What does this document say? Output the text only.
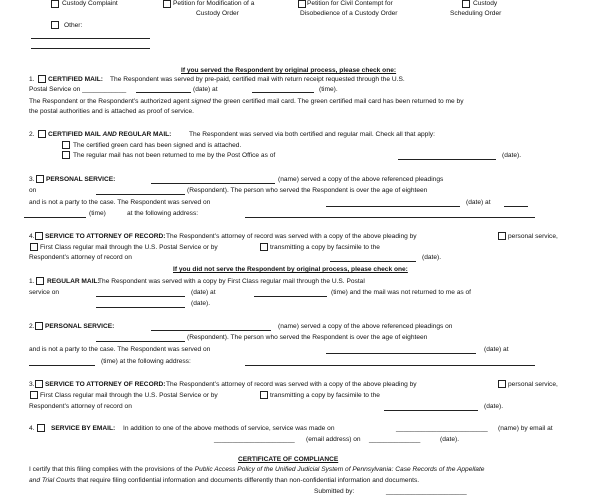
Custody Complaint	Petition for Modification of a
Custody Order
Petition for Civil Contempt for
Disobedience of a Custody Order
Custody
Scheduling Order
Other:
If you served the Respondent by original process, please check one:
1. CERTIFIED MAIL: The Respondent was served by pre-paid, certified mail with return receipt requested through the U.S.
Postal Service on ____________	(date) at	(time).
The Respondent or the Respondent’s authorized agent signed the green certified mail card. The green certified mail card has been returned to me by
the postal authorities and is attached as proof of service.
2. CERTIFIED MAIL AND REGULAR MAIL:	The Respondent was served via both certified and regular mail. Check all that apply:
The certified green card has been signed and is attached.
The regular mail has not been returned to me by the Post Office as of	(date).
3. PERSONAL SERVICE:	(name) served a copy of the above referenced pleadings
on	(Respondent). The person who served the Respondent is over the age of eighteen
and is not a party to the case. The Respondent was served on	(date) at
(time)	at the following address:
4. SERVICE TO ATTORNEY OF RECORD: The Respondent’s attorney of record was served with a copy of the above pleading by	personal service,
First Class regular mail through the U.S. Postal Service or by	transmitting a copy by facsimile to the
Respondent’s attorney of record on	(date).
If you did not serve the Respondent by original process, please check one:
1. REGULAR MAIL:
The Respondent was served with a copy by First Class regular mail through the U.S. Postal
service on	(date) at	(time) and the mail was not returned to me as of
(date).
2. PERSONAL SERVICE:	(name) served a copy of the above referenced pleadings on
(Respondent). The person who served the Respondent is over the age of eighteen
and is not a party to the case. The Respondent was served on	(date) at
(time) at the following address:
3. SERVICE TO ATTORNEY OF RECORD: The Respondent’s attorney of record was served with a copy of the above pleading by	personal service,
First Class regular mail through the U.S. Postal Service or by	transmitting a copy by facsimile to the
Respondent’s attorney of record on	(date).
4.	SERVICE BY EMAIL: In addition to one of the above methods of service, service was made on	_________________________ (name) by email at
______________________ (email address) on ______________	(date).
CERTIFICATE OF COMPLIANCE
I certify that this filing complies with the provisions of the Public Access Policy of the Unified Judicial System of Pennsylvania: Case Records of the Appellate
and Trial Courts that require filing confidential information and documents differently than non-confidential information and documents.
Submitted by:	______________________
